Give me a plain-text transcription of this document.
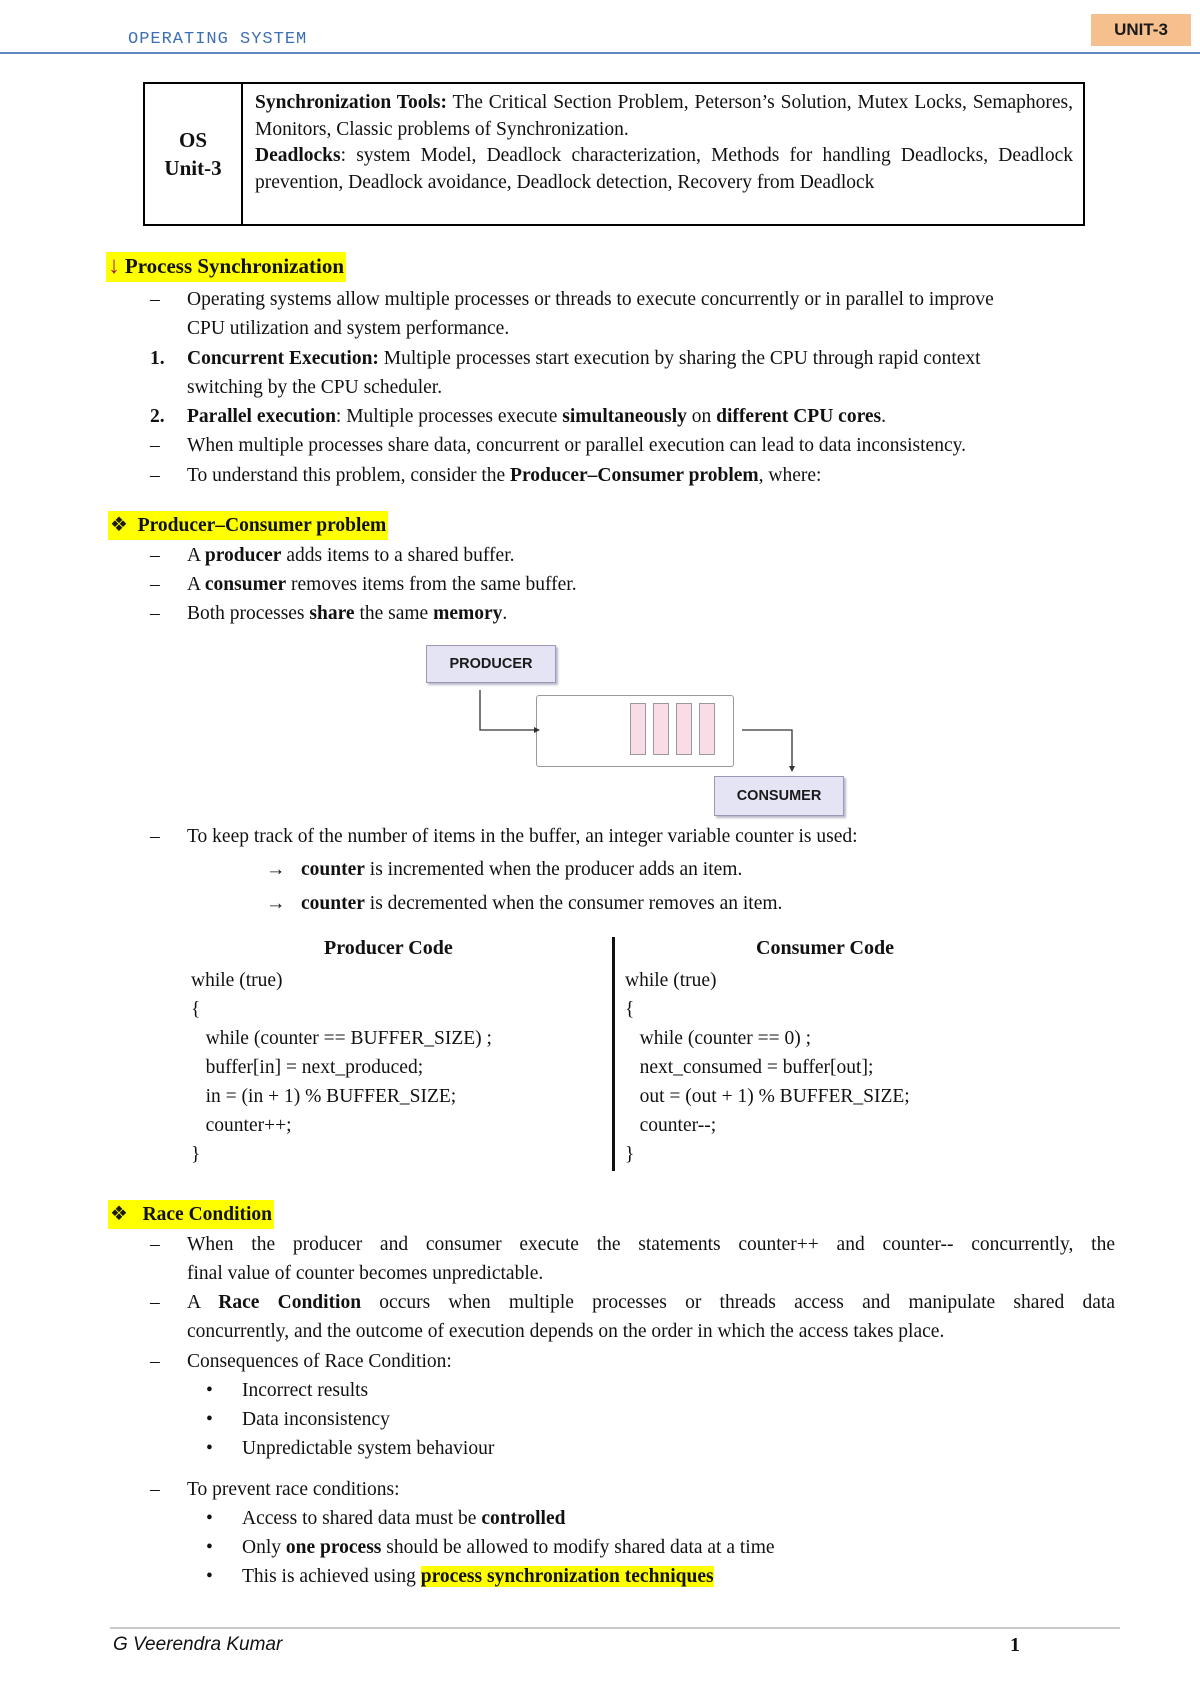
OPERATING SYSTEM
UNIT-3
OS
Unit-3
Synchronization Tools: The Critical Section Problem, Peterson’s Solution, Mutex Locks, Semaphores, Monitors, Classic problems of Synchronization.
Deadlocks: system Model, Deadlock characterization, Methods for handling Deadlocks, Deadlock prevention, Deadlock avoidance, Deadlock detection, Recovery from Deadlock
↓ Process Synchronization
– Operating systems allow multiple processes or threads to execute concurrently or in parallel to improve
CPU utilization and system performance.
1. Concurrent Execution: Multiple processes start execution by sharing the CPU through rapid context
switching by the CPU scheduler.
2. Parallel execution: Multiple processes execute simultaneously on different CPU cores.
– When multiple processes share data, concurrent or parallel execution can lead to data inconsistency.
– To understand this problem, consider the Producer–Consumer problem, where:
❖ Producer–Consumer problem
– A producer adds items to a shared buffer.
– A consumer removes items from the same buffer.
– Both processes share the same memory.
PRODUCER
CONSUMER
– To keep track of the number of items in the buffer, an integer variable counter is used:
→ counter is incremented when the producer adds an item.
→ counter is decremented when the consumer removes an item.
Producer Code	Consumer Code
while (true)
{
while (counter == BUFFER_SIZE) ;
buffer[in] = next_produced;
in = (in + 1) % BUFFER_SIZE;
counter++;
}
while (true)
{
while (counter == 0) ;
next_consumed = buffer[out];
out = (out + 1) % BUFFER_SIZE;
counter--;
}
❖ Race Condition
– When the producer and consumer execute the statements counter++ and counter-- concurrently, the
final value of counter becomes unpredictable.
– A Race Condition occurs when multiple processes or threads access and manipulate shared data
concurrently, and the outcome of execution depends on the order in which the access takes place.
– Consequences of Race Condition:
• Incorrect results
• Data inconsistency
• Unpredictable system behaviour
– To prevent race conditions:
• Access to shared data must be controlled
• Only one process should be allowed to modify shared data at a time
• This is achieved using process synchronization techniques
G Veerendra Kumar	1
